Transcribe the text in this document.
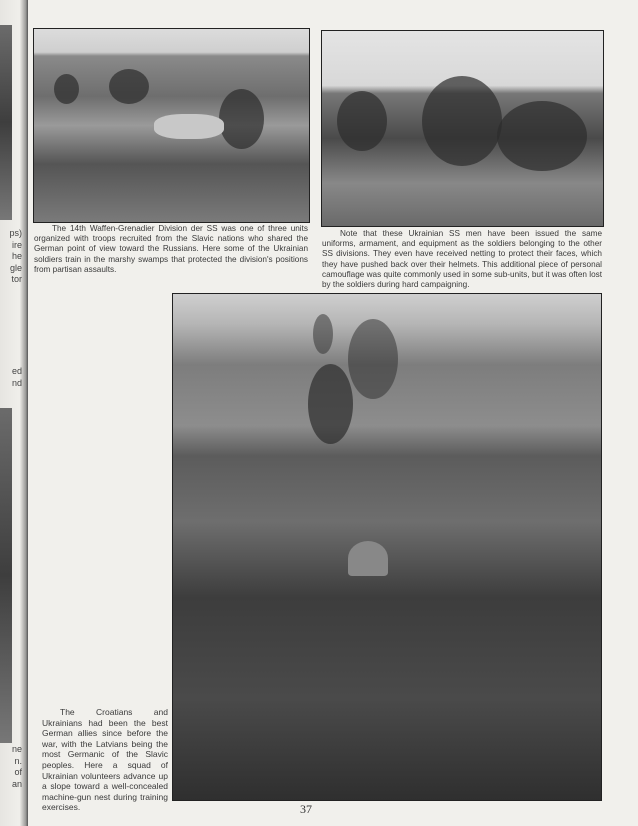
ps)
ire
he
gle
tor
ed
nd
ne
n.
of
an

The 14th Waffen-Grenadier Division der SS was one of three units organized with troops recruited from the Slavic nations who shared the German point of view toward the Russians. Here some of the Ukrainian soldiers train in the marshy swamps that protected the division's positions from partisan assaults.

Note that these Ukrainian SS men have been issued the same uniforms, armament, and equipment as the soldiers belonging to the other SS divisions. They even have received netting to protect their faces, which they have pushed back over their helmets. This additional piece of personal camouflage was quite commonly used in some sub-units, but it was often lost by the soldiers during hard campaigning.

The Croatians and Ukrainians had been the best German allies since before the war, with the Latvians being the most Germanic of the Slavic peoples. Here a squad of Ukrainian volunteers advance up a slope toward a well-concealed machine-gun nest during training exercises.	37
